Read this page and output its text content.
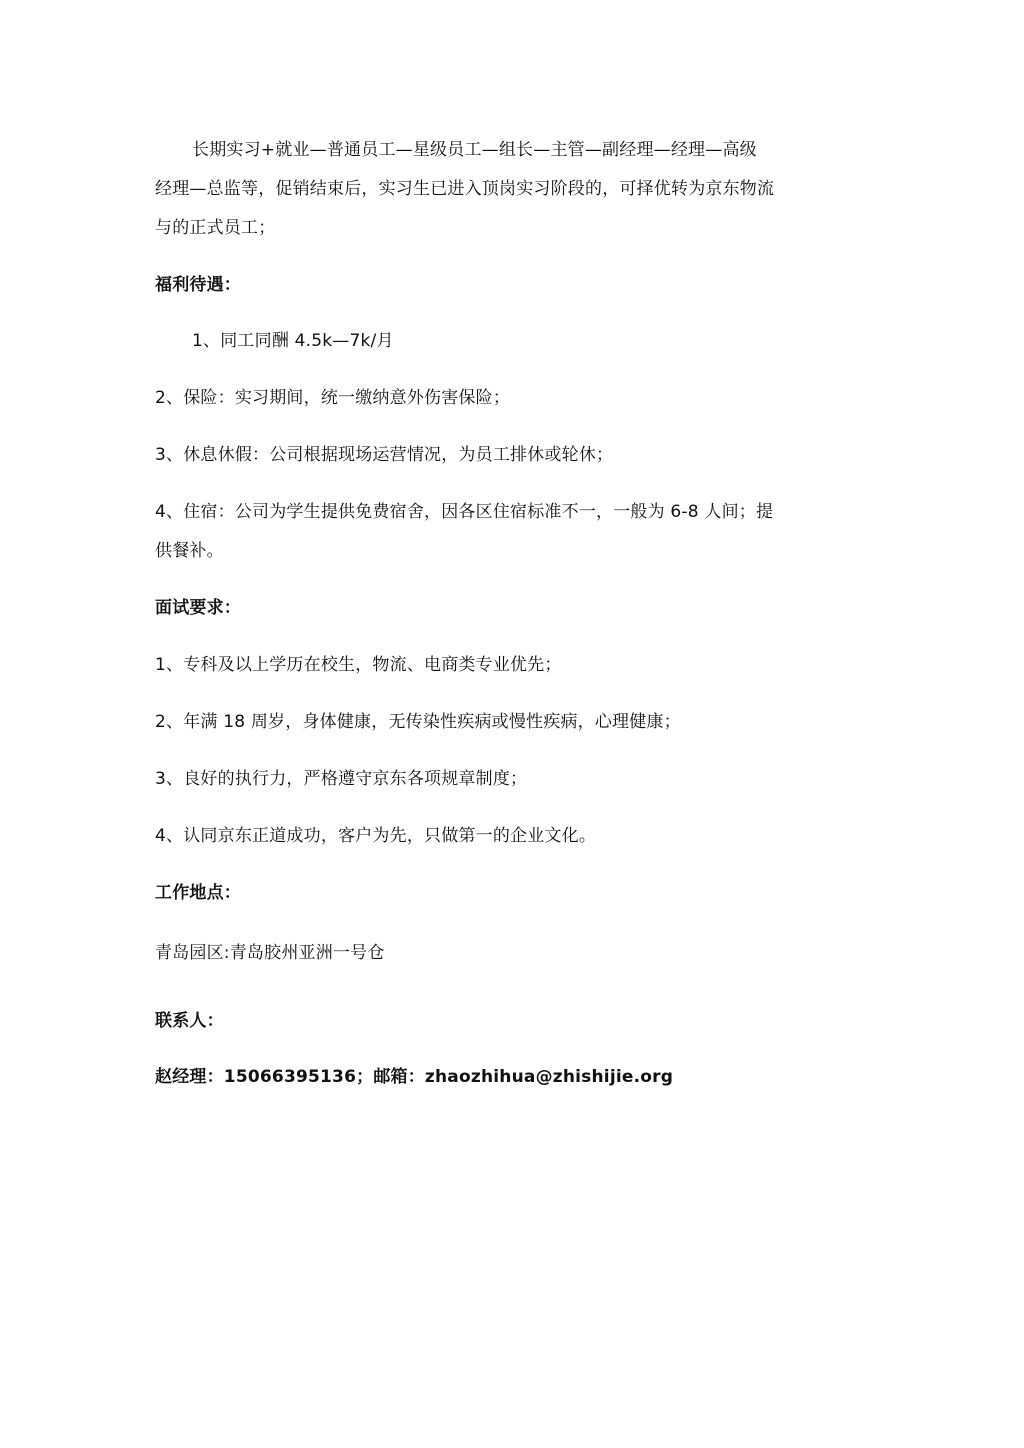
长期实习+就业—普通员工—星级员工—组长—主管—副经理—经理—高级
经理—总监等，促销结束后，实习生已进入顶岗实习阶段的，可择优转为京东物流
与的正式员工；
福利待遇：
1、同工同酬 4.5k—7k/月
2、保险：实习期间，统一缴纳意外伤害保险；
3、休息休假：公司根据现场运营情况，为员工排休或轮休；
4、住宿：公司为学生提供免费宿舍，因各区住宿标准不一，一般为 6-8 人间；提
供餐补。
面试要求：
1、专科及以上学历在校生，物流、电商类专业优先；
2、年满 18 周岁，身体健康，无传染性疾病或慢性疾病，心理健康；
3、良好的执行力，严格遵守京东各项规章制度；
4、认同京东正道成功，客户为先，只做第一的企业文化。
工作地点：
青岛园区:青岛胶州亚洲一号仓
联系人：
赵经理：15066395136；邮箱：zhaozhihua@zhishijie.org
